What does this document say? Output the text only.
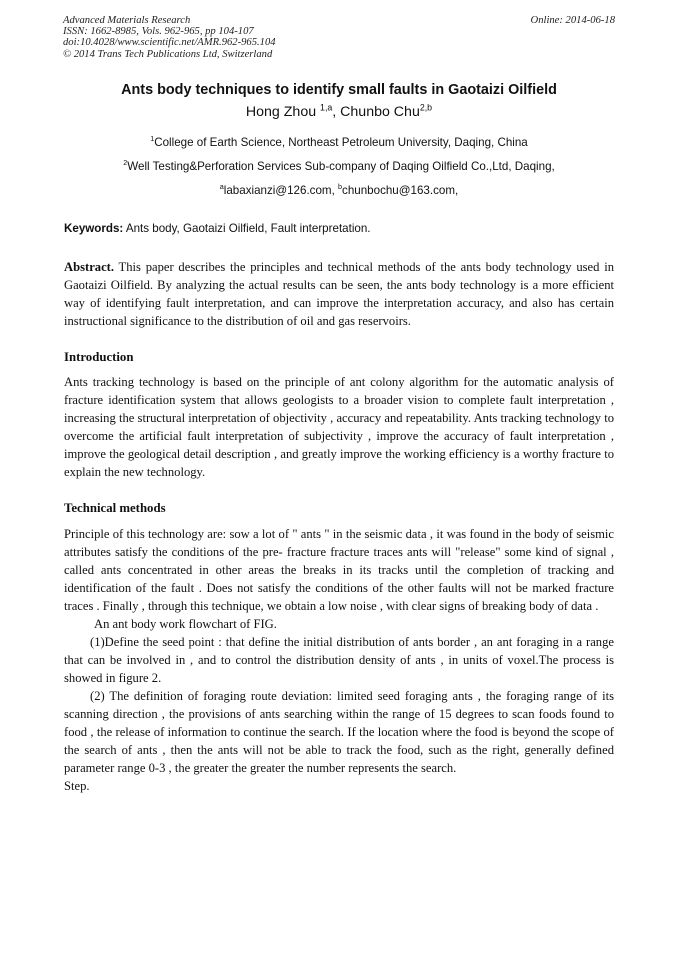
Advanced Materials Research
ISSN: 1662-8985, Vols. 962-965, pp 104-107
doi:10.4028/www.scientific.net/AMR.962-965.104
© 2014 Trans Tech Publications Ltd, Switzerland
Online: 2014-06-18
Ants body techniques to identify small faults in Gaotaizi Oilfield
Hong Zhou $^{1,a}$, Chunbo Chu$^{2,b}$
$^1$College of Earth Science, Northeast Petroleum University, Daqing, China
$^2$Well Testing&Perforation Services Sub-company of Daqing Oilfield Co.,Ltd, Daqing,
$^a$labaxianzi@126.com, $^b$chunbochu@163.com,
Keywords: Ants body, Gaotaizi Oilfield, Fault interpretation.
Abstract. This paper describes the principles and technical methods of the ants body technology used in Gaotaizi Oilfield. By analyzing the actual results can be seen, the ants body technology is a more efficient way of identifying fault interpretation, and can improve the interpretation accuracy, and also has certain instructional significance to the distribution of oil and gas reservoirs.
Introduction
Ants tracking technology is based on the principle of ant colony algorithm for the automatic analysis of fracture identification system that allows geologists to a broader vision to complete fault interpretation , increasing the structural interpretation of objectivity , accuracy and repeatability. Ants tracking technology to overcome the artificial fault interpretation of subjectivity , improve the accuracy of fault interpretation , improve the geological detail description , and greatly improve the working efficiency is a worthy fracture to explain the new technology.
Technical methods

Principle of this technology are: sow a lot of " ants " in the seismic data , it was found in the body of seismic attributes satisfy the conditions of the pre- fracture fracture traces ants will "release" some kind of signal , called ants concentrated in other areas the breaks in its tracks until the completion of tracking and identification of the fault . Does not satisfy the conditions of the other faults will not be marked fracture traces . Finally , through this technique, we obtain a low noise , with clear signs of breaking body of data .

An ant body work flowchart of FIG.

(1)Define the seed point : that define the initial distribution of ants border , an ant foraging in a range that can be involved in , and to control the distribution density of ants , in units of voxel.The process is showed in figure 2.

(2) The definition of foraging route deviation: limited seed foraging ants , the foraging range of its scanning direction , the provisions of ants searching within the range of 15 degrees to scan foods found to food , the release of information to continue the search. If the location where the food is beyond the scope of the search of ants , then the ants will not be able to track the food, such as the right, generally defined parameter range 0-3 , the greater the greater the number represents the search.

Step.
